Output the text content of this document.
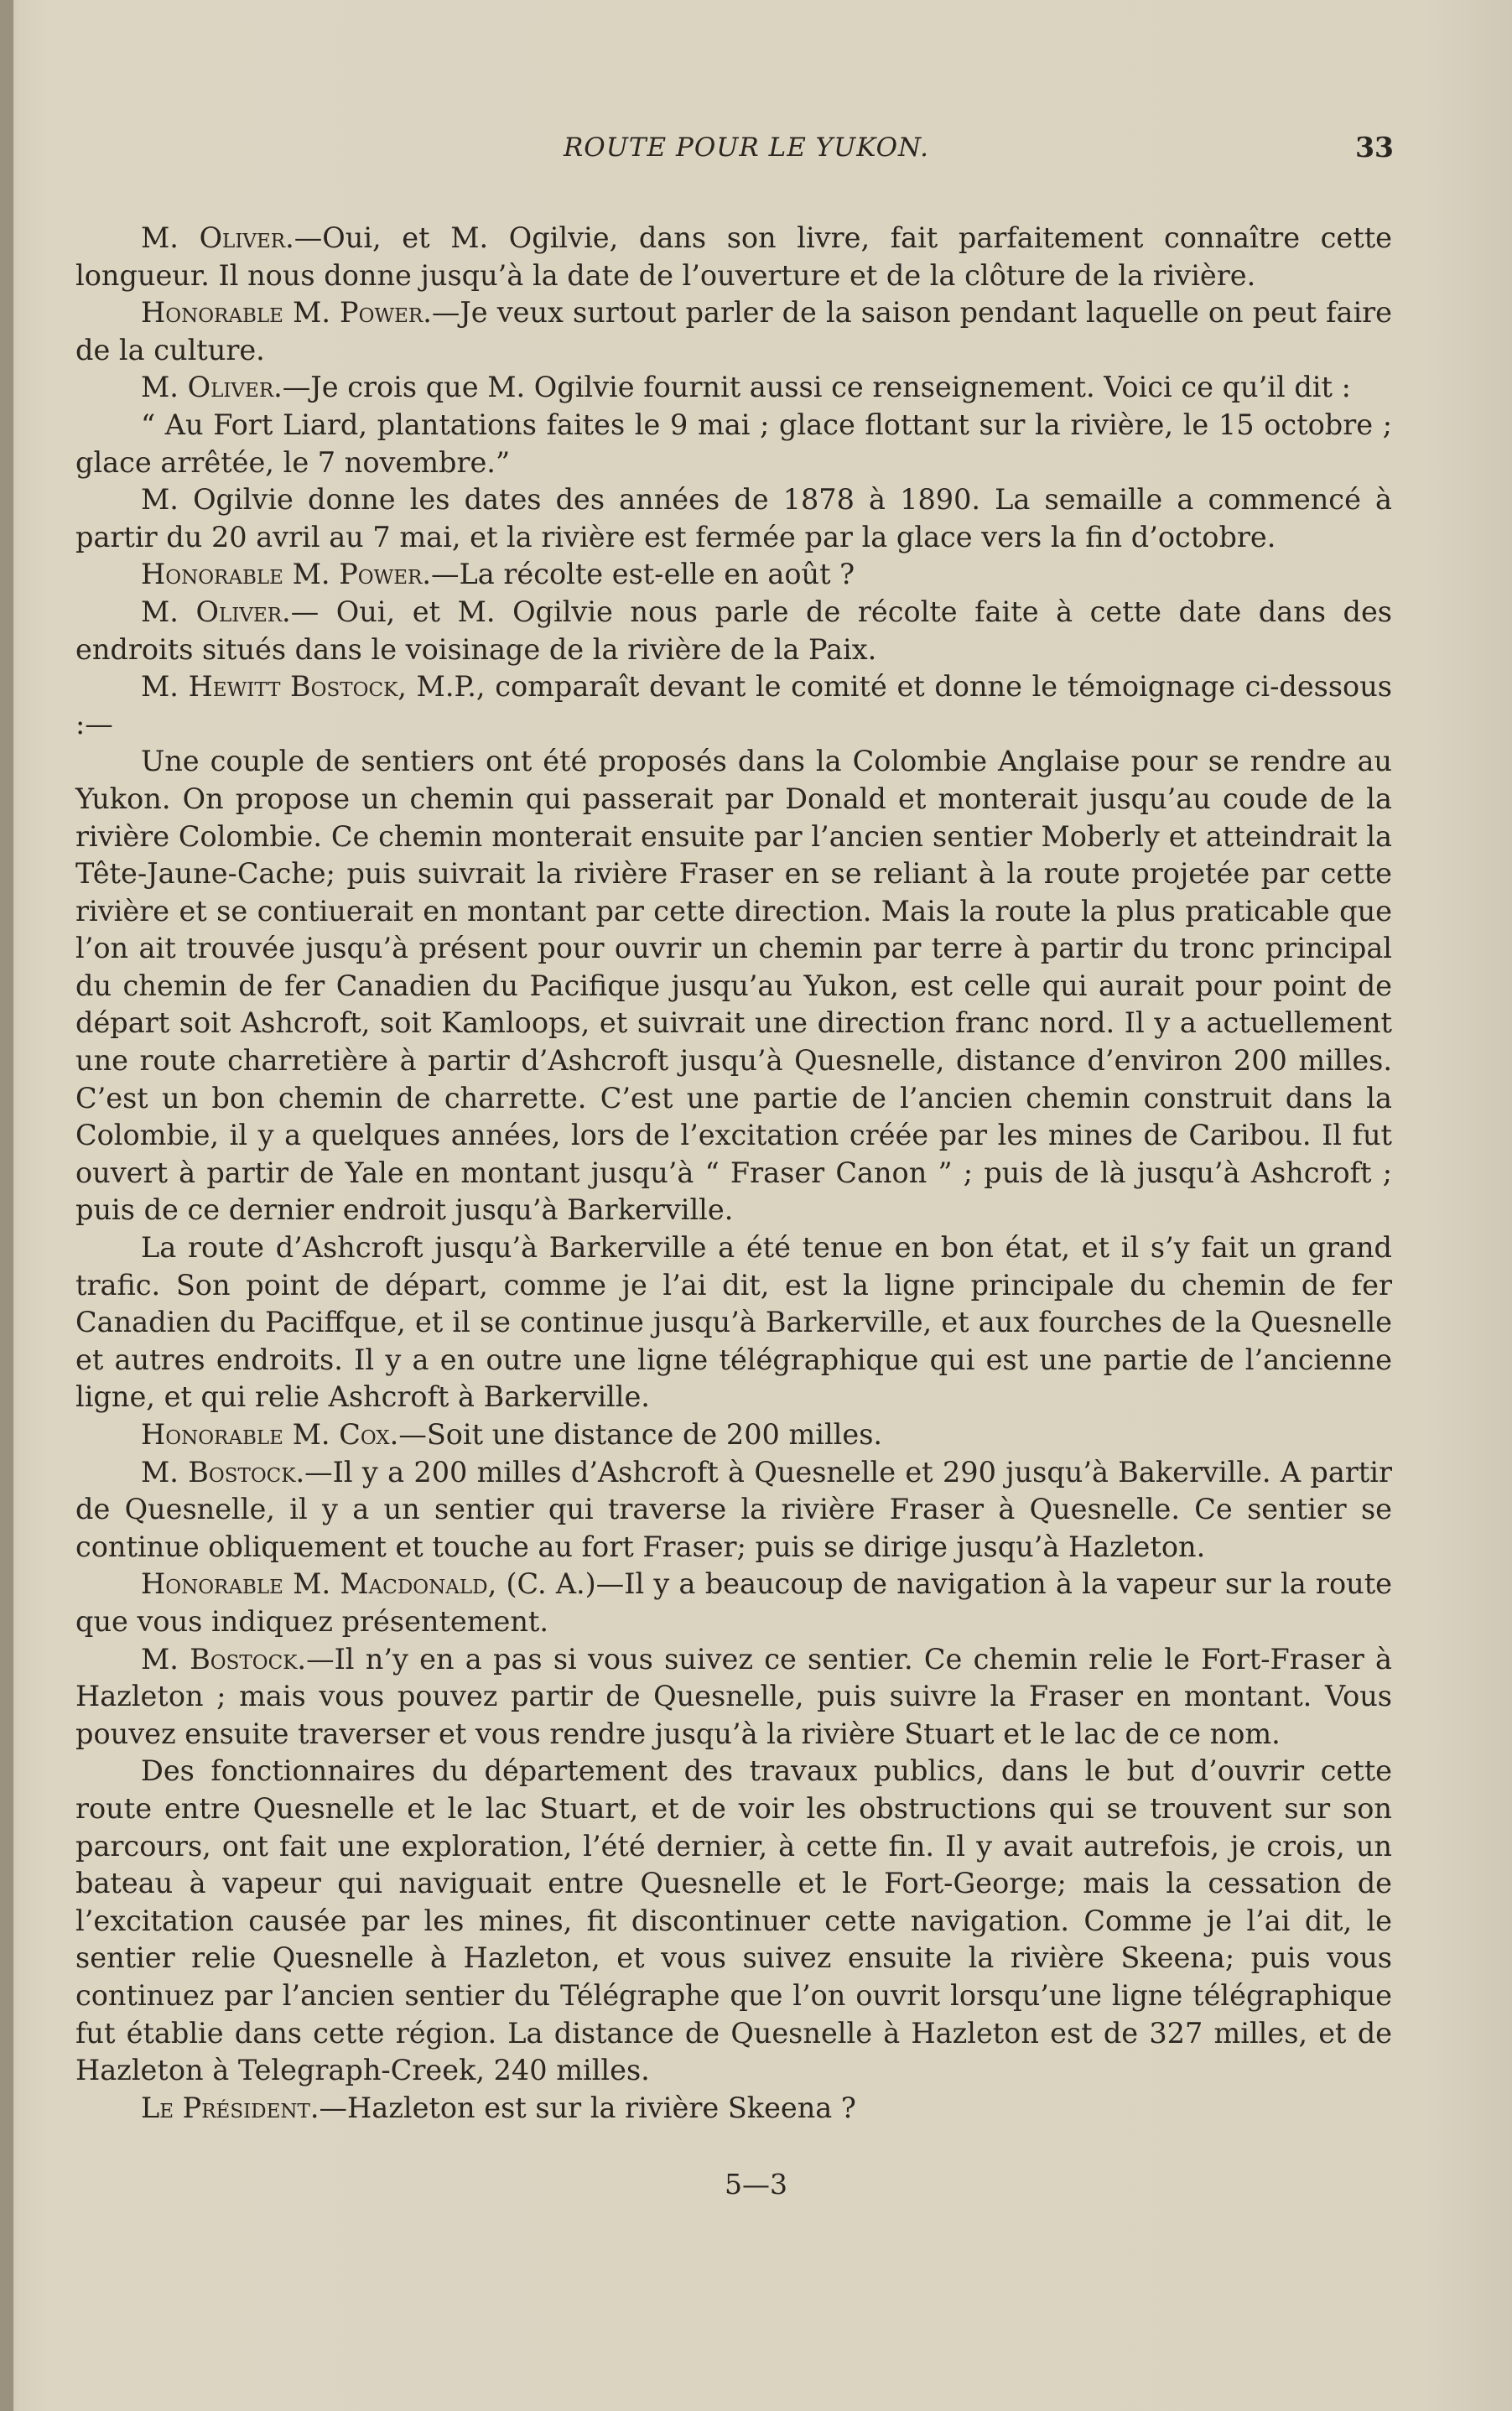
ROUTE POUR LE YUKON.	33

M. Oliver.—Oui, et M. Ogilvie, dans son livre, fait parfaitement connaître cette longueur. Il nous donne jusqu’à la date de l’ouverture et de la clôture de la rivière.

Honorable M. Power.—Je veux surtout parler de la saison pendant laquelle on peut faire de la culture.

M. Oliver.—Je crois que M. Ogilvie fournit aussi ce renseignement. Voici ce qu’il dit :

“ Au Fort Liard, plantations faites le 9 mai ; glace flottant sur la rivière, le 15 octobre ; glace arrêtée, le 7 novembre.”

M. Ogilvie donne les dates des années de 1878 à 1890. La semaille a commencé à partir du 20 avril au 7 mai, et la rivière est fermée par la glace vers la fin d’octobre.

Honorable M. Power.—La récolte est-elle en août ?

M. Oliver.— Oui, et M. Ogilvie nous parle de récolte faite à cette date dans des endroits situés dans le voisinage de la rivière de la Paix.

M. Hewitt Bostock, M.P., comparaît devant le comité et donne le témoignage ci-dessous :—

Une couple de sentiers ont été proposés dans la Colombie Anglaise pour se rendre au Yukon. On propose un chemin qui passerait par Donald et monterait jusqu’au coude de la rivière Colombie. Ce chemin monterait ensuite par l’ancien sentier Moberly et atteindrait la Tête-Jaune-Cache; puis suivrait la rivière Fraser en se reliant à la route projetée par cette rivière et se contiuerait en montant par cette direction. Mais la route la plus praticable que l’on ait trouvée jusqu’à présent pour ouvrir un chemin par terre à partir du tronc principal du chemin de fer Canadien du Pacifique jusqu’au Yukon, est celle qui aurait pour point de départ soit Ashcroft, soit Kamloops, et suivrait une direction franc nord. Il y a actuellement une route charretière à partir d’Ashcroft jusqu’à Quesnelle, distance d’environ 200 milles. C’est un bon chemin de charrette. C’est une partie de l’ancien chemin construit dans la Colombie, il y a quelques années, lors de l’excitation créée par les mines de Caribou. Il fut ouvert à partir de Yale en montant jusqu’à “ Fraser Canon ” ; puis de là jusqu’à Ashcroft ; puis de ce dernier endroit jusqu’à Barkerville.

La route d’Ashcroft jusqu’à Barkerville a été tenue en bon état, et il s’y fait un grand trafic. Son point de départ, comme je l’ai dit, est la ligne principale du chemin de fer Canadien du Paciffque, et il se continue jusqu’à Barkerville, et aux fourches de la Quesnelle et autres endroits. Il y a en outre une ligne télégraphique qui est une partie de l’ancienne ligne, et qui relie Ashcroft à Barkerville.

Honorable M. Cox.—Soit une distance de 200 milles.

M. Bostock.—Il y a 200 milles d’Ashcroft à Quesnelle et 290 jusqu’à Bakerville. A partir de Quesnelle, il y a un sentier qui traverse la rivière Fraser à Quesnelle. Ce sentier se continue obliquement et touche au fort Fraser; puis se dirige jusqu’à Hazleton.

Honorable M. Macdonald, (C. A.)—Il y a beaucoup de navigation à la vapeur sur la route que vous indiquez présentement.

M. Bostock.—Il n’y en a pas si vous suivez ce sentier. Ce chemin relie le Fort-Fraser à Hazleton ; mais vous pouvez partir de Quesnelle, puis suivre la Fraser en montant. Vous pouvez ensuite traverser et vous rendre jusqu’à la rivière Stuart et le lac de ce nom.

Des fonctionnaires du département des travaux publics, dans le but d’ouvrir cette route entre Quesnelle et le lac Stuart, et de voir les obstructions qui se trouvent sur son parcours, ont fait une exploration, l’été dernier, à cette fin. Il y avait autrefois, je crois, un bateau à vapeur qui naviguait entre Quesnelle et le Fort-George; mais la cessation de l’excitation causée par les mines, fit discontinuer cette navigation. Comme je l’ai dit, le sentier relie Quesnelle à Hazleton, et vous suivez ensuite la rivière Skeena; puis vous continuez par l’ancien sentier du Télégraphe que l’on ouvrit lorsqu’une ligne télégraphique fut établie dans cette région. La distance de Quesnelle à Hazleton est de 327 milles, et de Hazleton à Telegraph-Creek, 240 milles.

Le Président.—Hazleton est sur la rivière Skeena ?

5—3
